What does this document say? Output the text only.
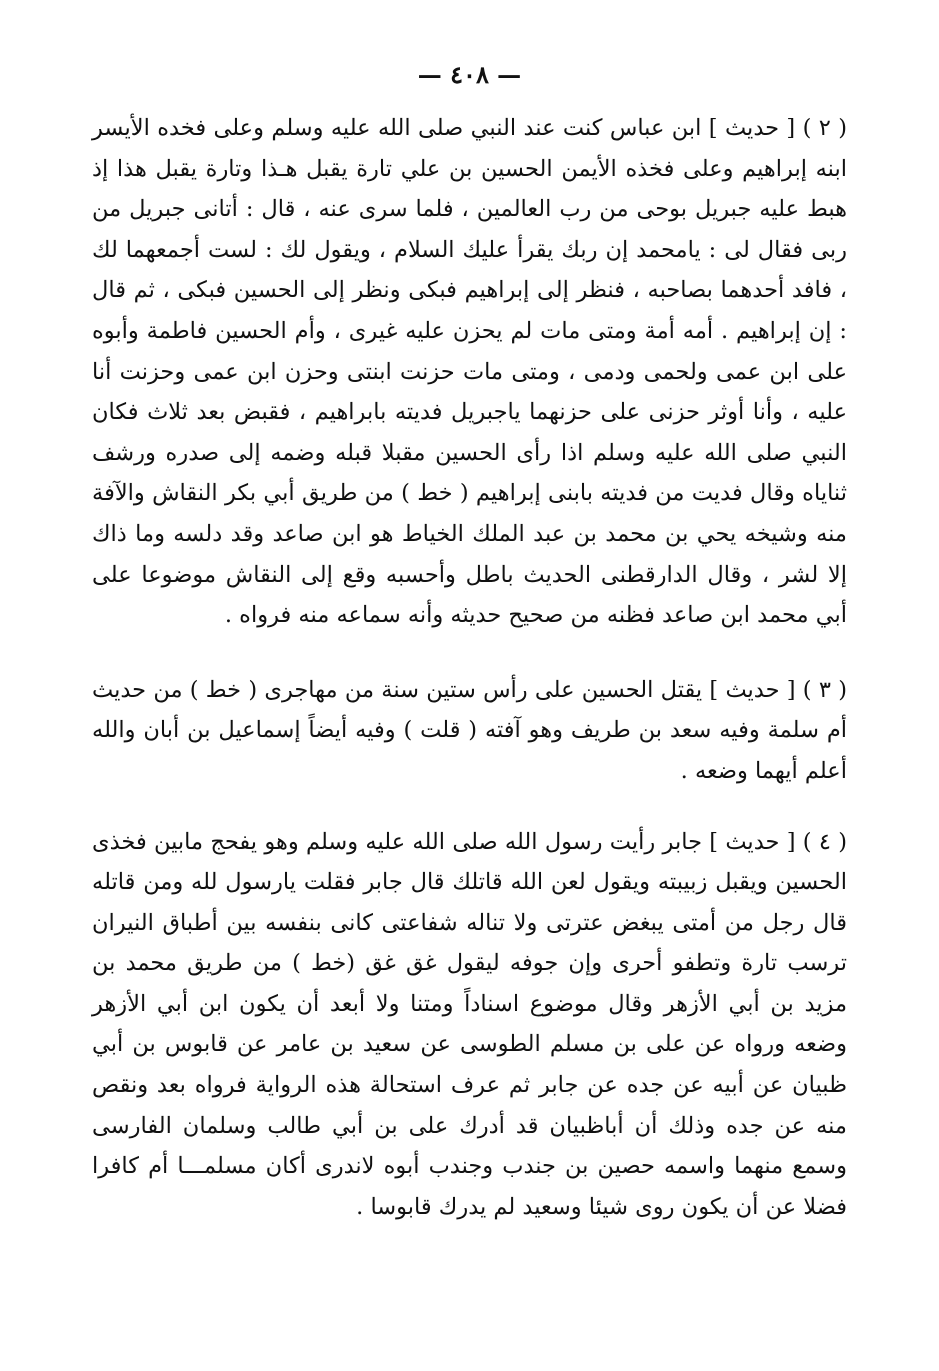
— ٤٠٨ —

( ٢ ) [ حديث ] ابن عباس كنت عند النبي صلى الله عليه وسلم وعلى فخده الأيسر ابنه إبراهيم وعلى فخذه الأيمن الحسين بن علي تارة يقبل هـذا وتارة يقبل هذا إذ هبط عليه جبريل بوحى من رب العالمين ، فلما سرى عنه ، قال : أتانى جبريل من ربى فقال لى : يامحمد إن ربك يقرأ عليك السلام ، ويقول لك : لست أجمعهما لك ، فافد أحدهما بصاحبه ، فنظر إلى إبراهيم فبكى ونظر إلى الحسين فبكى ، ثم قال : إن إبراهيم . أمه أمة ومتى مات لم يحزن عليه غيرى ، وأم الحسين فاطمة وأبوه على ابن عمى ولحمى ودمى ، ومتى مات حزنت ابنتى وحزن ابن عمى وحزنت أنا عليه ، وأنا أوثر حزنى على حزنهما ياجبريل فديته بابراهيم ، فقبض بعد ثلاث فكان النبي صلى الله عليه وسلم اذا رأى الحسين مقبلا قبله وضمه إلى صدره ورشف ثناياه وقال فديت من فديته بابنى إبراهيم ( خط ) من طريق أبي بكر النقاش والآفة منه وشيخه يحي بن محمد بن عبد الملك الخياط هو ابن صاعد وقد دلسه وما ذاك إلا لشر ، وقال الدارقطنى الحديث باطل وأحسبه وقع إلى النقاش موضوعا على أبي محمد ابن صاعد فظنه من صحيح حديثه وأنه سماعه منه فرواه .

( ٣ ) [ حديث ] يقتل الحسين على رأس ستين سنة من مهاجرى ( خط ) من حديث أم سلمة وفيه سعد بن طريف وهو آفته ( قلت ) وفيه أيضاً إسماعيل بن أبان والله أعلم أيهما وضعه .

( ٤ ) [ حديث ] جابر رأيت رسول الله صلى الله عليه وسلم وهو يفحج مابين فخذى الحسين ويقبل زبيبته ويقول لعن الله قاتلك قال جابر فقلت يارسول لله ومن قاتله قال رجل من أمتى يبغض عترتى ولا تناله شفاعتى كانى بنفسه بين أطباق النيران ترسب تارة وتطفو أحرى وإن جوفه ليقول غق غق (خط ) من طريق محمد بن مزيد بن أبي الأزهر وقال موضوع اسناداً ومتنا ولا أبعد أن يكون ابن أبي الأزهر وضعه ورواه عن على بن مسلم الطوسى عن سعيد بن عامر عن قابوس بن أبي ظبيان عن أبيه عن جده عن جابر ثم عرف استحالة هذه الرواية فرواه بعد ونقص منه عن جده وذلك أن أباظبيان قد أدرك على بن أبي طالب وسلمان الفارسى وسمع منهما واسمه حصين بن جندب وجندب أبوه لاندرى أكان مسلمـــا أم كافرا فضلا عن أن يكون روى شيئا وسعيد لم يدرك قابوسا .
